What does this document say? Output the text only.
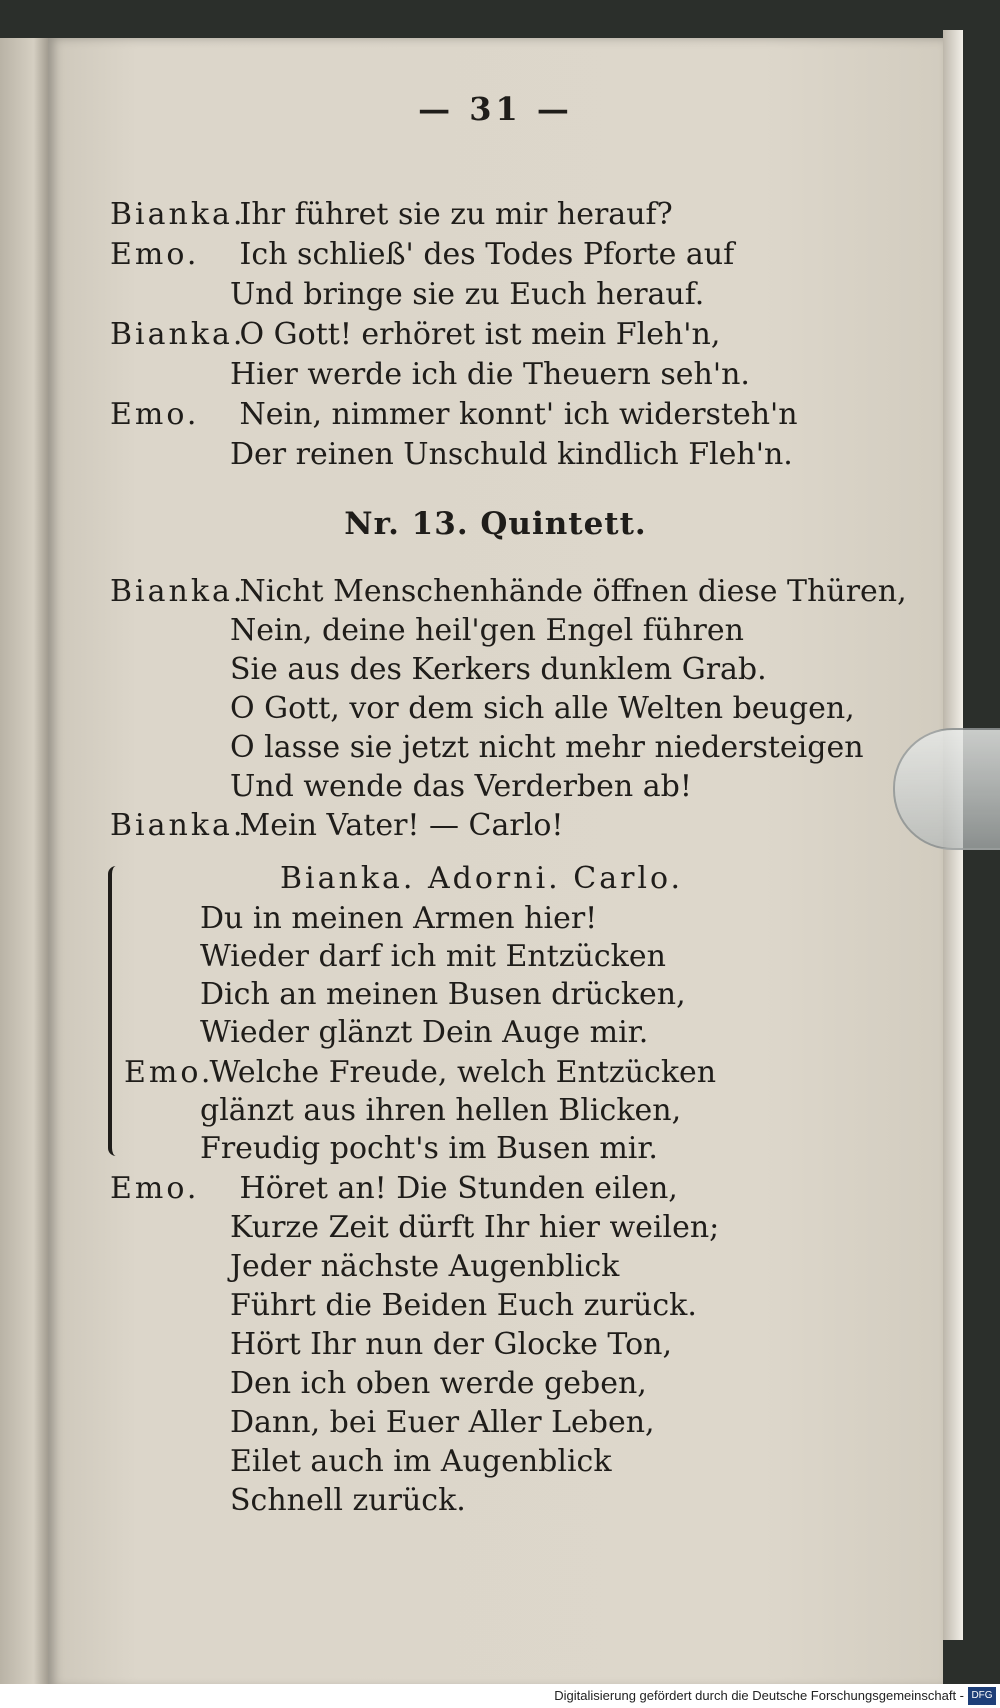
— 31 —
Bianka. Ihr führet sie zu mir herauf?
Emo. Ich schließ' des Todes Pforte auf
Und bringe sie zu Euch herauf.
Bianka. O Gott! erhöret ist mein Fleh'n,
Hier werde ich die Theuern seh'n.
Emo. Nein, nimmer konnt' ich widersteh'n
Der reinen Unschuld kindlich Fleh'n.
Nr. 13. Quintett.
Bianka. Nicht Menschenhände öffnen diese Thüren,
Nein, deine heil'gen Engel führen
Sie aus des Kerkers dunklem Grab.
O Gott, vor dem sich alle Welten beugen,
O lasse sie jetzt nicht mehr niedersteigen
Und wende das Verderben ab!
Bianka. Mein Vater! — Carlo!
Bianka. Adorni. Carlo.
Du in meinen Armen hier!
Wieder darf ich mit Entzücken
Dich an meinen Busen drücken,
Wieder glänzt Dein Auge mir.
Emo. Welche Freude, welch Entzücken
glänzt aus ihren hellen Blicken,
Freudig pocht's im Busen mir.
Emo. Höret an! Die Stunden eilen,
Kurze Zeit dürft Ihr hier weilen;
Jeder nächste Augenblick
Führt die Beiden Euch zurück.
Hört Ihr nun der Glocke Ton,
Den ich oben werde geben,
Dann, bei Euer Aller Leben,
Eilet auch im Augenblick
Schnell zurück.
Digitalisierung gefördert durch die Deutsche Forschungsgemeinschaft - DFG
